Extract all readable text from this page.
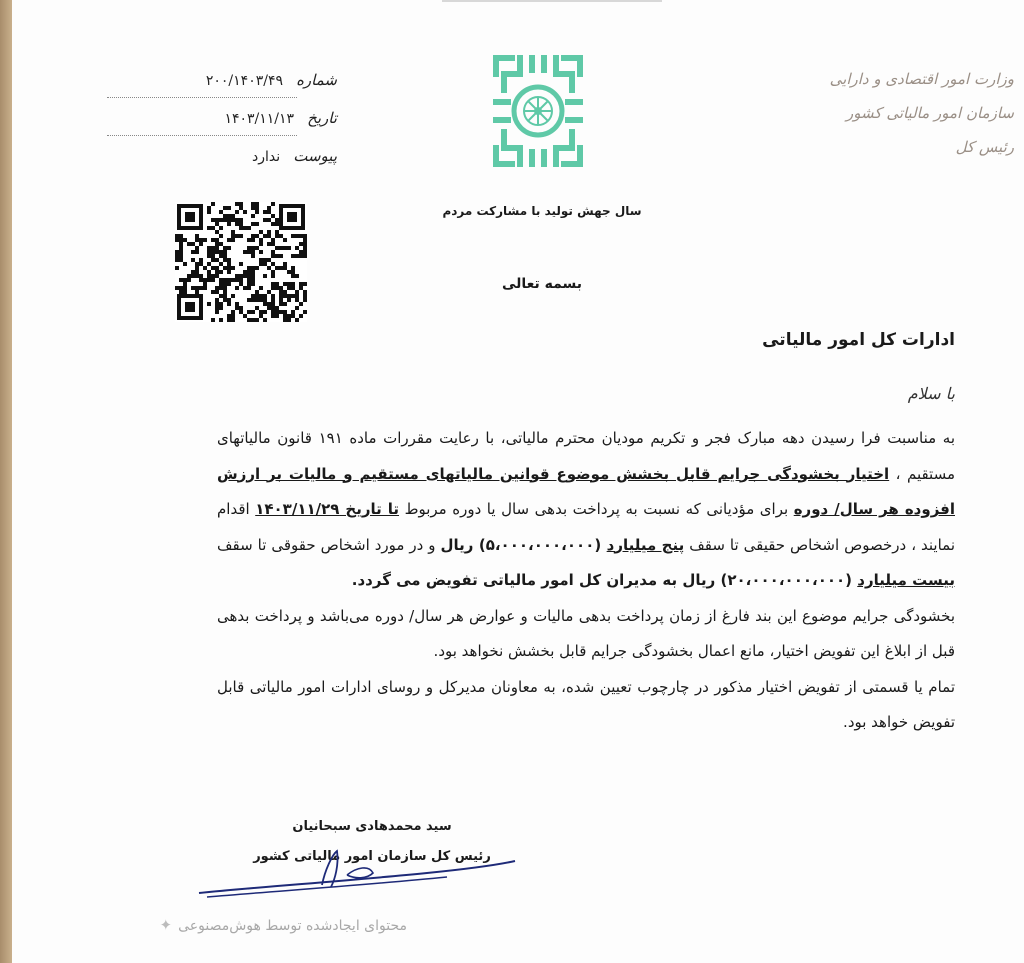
وزارت امور اقتصادی و دارایی
سازمان امور مالیاتی کشور
رئیس کل
سال جهش تولید با مشارکت مردم
شماره ۲۰۰/۱۴۰۳/۴۹
تاریخ ۱۴۰۳/۱۱/۱۳
پیوست ندارد
بسمه تعالی
ادارات کل امور مالیاتی
با سلام

به مناسبت فرا رسیدن دهه مبارک فجر و تکریم مودیان محترم مالیاتی، با رعایت مقررات ماده ۱۹۱ قانون مالیاتهای مستقیم ، اختیار بخشودگی جرایم قابل بخشش موضوع قوانین مالیاتهای مستقیم و مالیات بر ارزش افزوده هر سال/ دوره برای مؤدیانی که نسبت به پرداخت بدهی سال یا دوره مربوط تا تاریخ ۱۴۰۳/۱۱/۲۹ اقدام نمایند ، درخصوص اشخاص حقیقی تا سقف پنج میلیارد (۵،۰۰۰،۰۰۰،۰۰۰) ریال و در مورد اشخاص حقوقی تا سقف بیست میلیارد (۲۰،۰۰۰،۰۰۰،۰۰۰) ریال به مدیران کل امور مالیاتی تفویض می گردد.

بخشودگی جرایم موضوع این بند فارغ از زمان پرداخت بدهی مالیات و عوارض هر سال/ دوره می‌باشد و پرداخت بدهی قبل از ابلاغ این تفویض اختیار، مانع اعمال بخشودگی جرایم قابل بخشش نخواهد بود.

تمام یا قسمتی از تفویض اختیار مذکور در چارچوب تعیین شده، به معاونان مدیرکل و روسای ادارات امور مالیاتی قابل تفویض خواهد بود.

سید محمدهادی سبحانیان
رئیس کل سازمان امور مالیاتی کشور
محتوای ایجادشده توسط هوش‌مصنوعی✦
